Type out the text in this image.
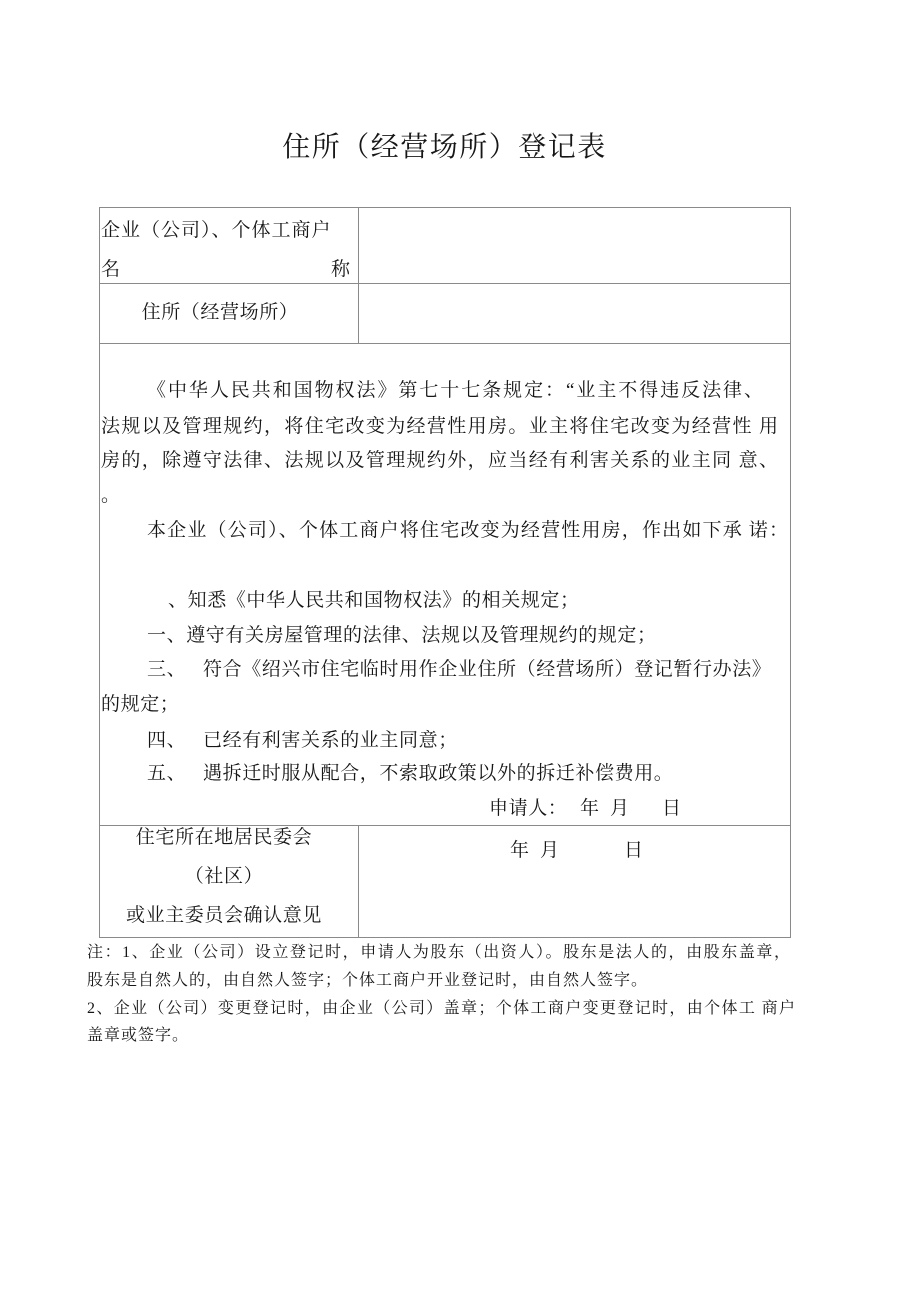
住所（经营场所）登记表
企业（公司）、个体工商户
名	称
住所（经营场所）
《中华人民共和国物权法》第七十七条规定：“业主不得违反法律、
法规以及管理规约，将住宅改变为经营性用房。业主将住宅改变为经营性 用
房的，除遵守法律、法规以及管理规约外，应当经有利害关系的业主同 意、
。
本企业（公司）、个体工商户将住宅改变为经营性用房，作出如下承 诺：
、知悉《中华人民共和国物权法》的相关规定；
一、遵守有关房屋管理的法律、法规以及管理规约的规定；
三、 符合《绍兴市住宅临时用作企业住所（经营场所）登记暂行办法》
的规定；
四、 已经有利害关系的业主同意；
五、 遇拆迁时服从配合，不索取政策以外的拆迁补偿费用。
申请人： 年 月 日
住宅所在地居民委会
（社区）
或业主委员会确认意见
年 月	日
注：1、企业（公司）设立登记时，申请人为股东（出资人）。股东是法人的，由股东盖章，
股东是自然人的，由自然人签字；个体工商户开业登记时，由自然人签字。
2、企业（公司）变更登记时，由企业（公司）盖章；个体工商户变更登记时，由个体工 商户
盖章或签字。
